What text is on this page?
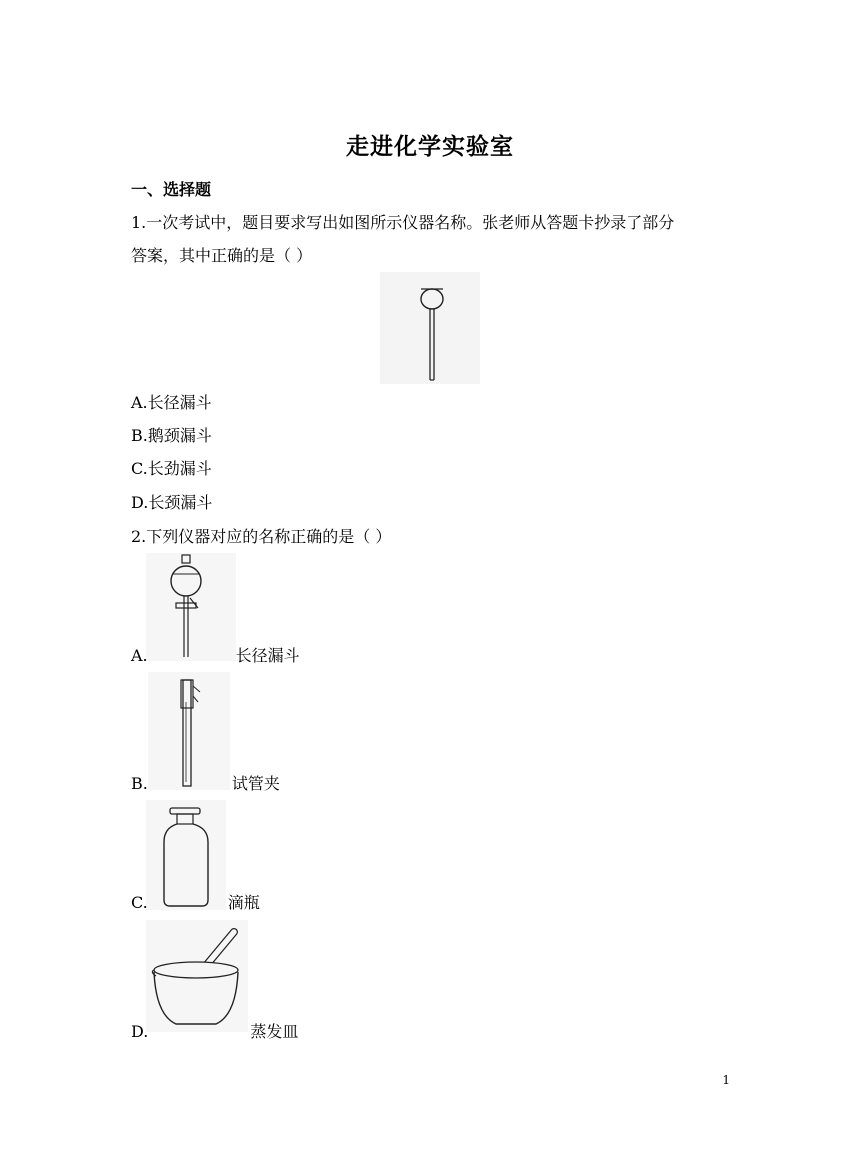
走进化学实验室
一、选择题
1.一次考试中，题目要求写出如图所示仪器名称。张老师从答题卡抄录了部分
答案，其中正确的是（ ）
A.长径漏斗
B.鹅颈漏斗
C.长劲漏斗
D.长颈漏斗
2.下列仪器对应的名称正确的是（ ）
A.	长径漏斗
B.	试管夹
C.	滴瓶
D.	蒸发皿
1
